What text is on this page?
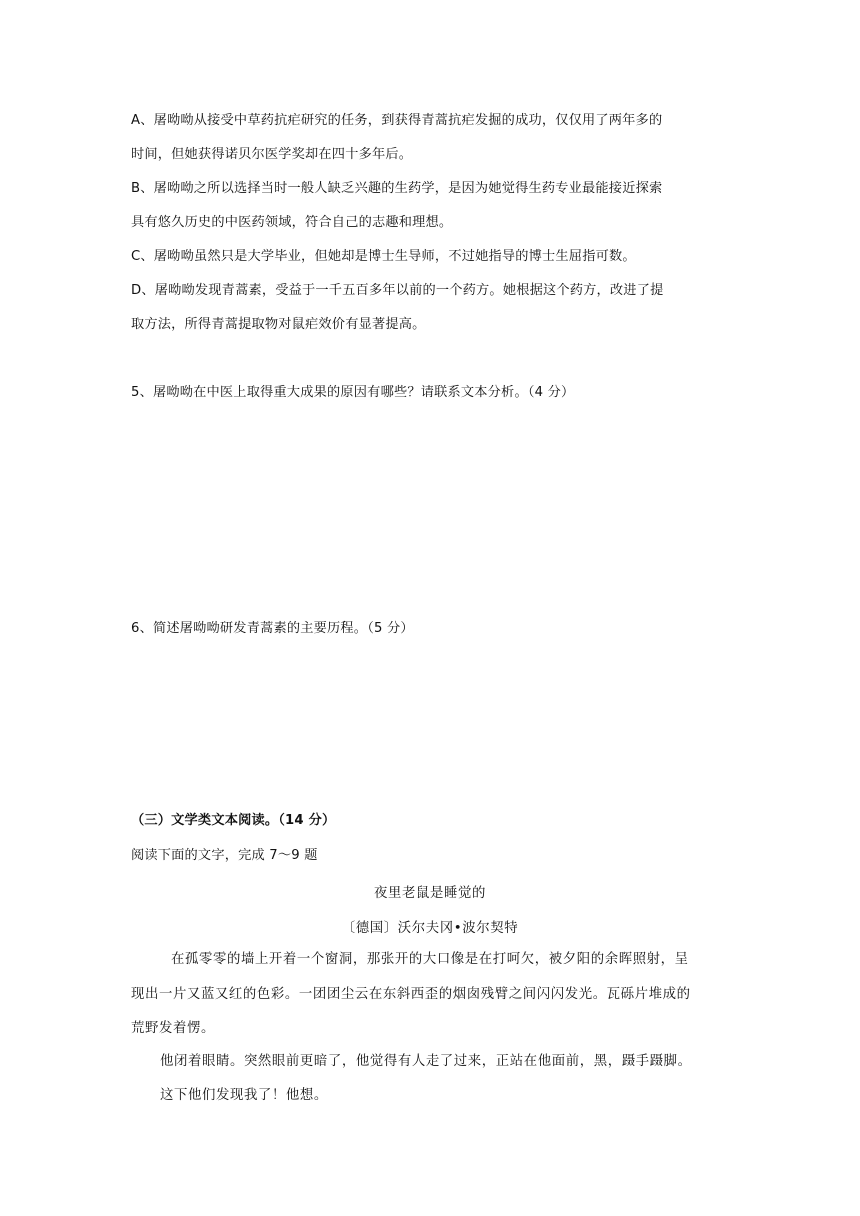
A、屠呦呦从接受中草药抗疟研究的任务，到获得青蒿抗疟发掘的成功，仅仅用了两年多的
时间，但她获得诺贝尔医学奖却在四十多年后。
B、屠呦呦之所以选择当时一般人缺乏兴趣的生药学，是因为她觉得生药专业最能接近探索
具有悠久历史的中医药领域，符合自己的志趣和理想。
C、屠呦呦虽然只是大学毕业，但她却是博士生导师，不过她指导的博士生屈指可数。
D、屠呦呦发现青蒿素，受益于一千五百多年以前的一个药方。她根据这个药方，改进了提
取方法，所得青蒿提取物对鼠疟效价有显著提高。
5、屠呦呦在中医上取得重大成果的原因有哪些？请联系文本分析。（4 分）
6、简述屠呦呦研发青蒿素的主要历程。（5 分）
（三）文学类文本阅读。（14 分）
阅读下面的文字，完成 7～9 题
夜里老鼠是睡觉的
〔德国〕沃尔夫冈•波尔契特
在孤零零的墙上开着一个窗洞，那张开的大口像是在打呵欠，被夕阳的余晖照射，呈
现出一片又蓝又红的色彩。一团团尘云在东斜西歪的烟囱残臂之间闪闪发光。瓦砾片堆成的
荒野发着愣。
他闭着眼睛。突然眼前更暗了，他觉得有人走了过来，正站在他面前，黑，蹑手蹑脚。
这下他们发现我了！他想。
